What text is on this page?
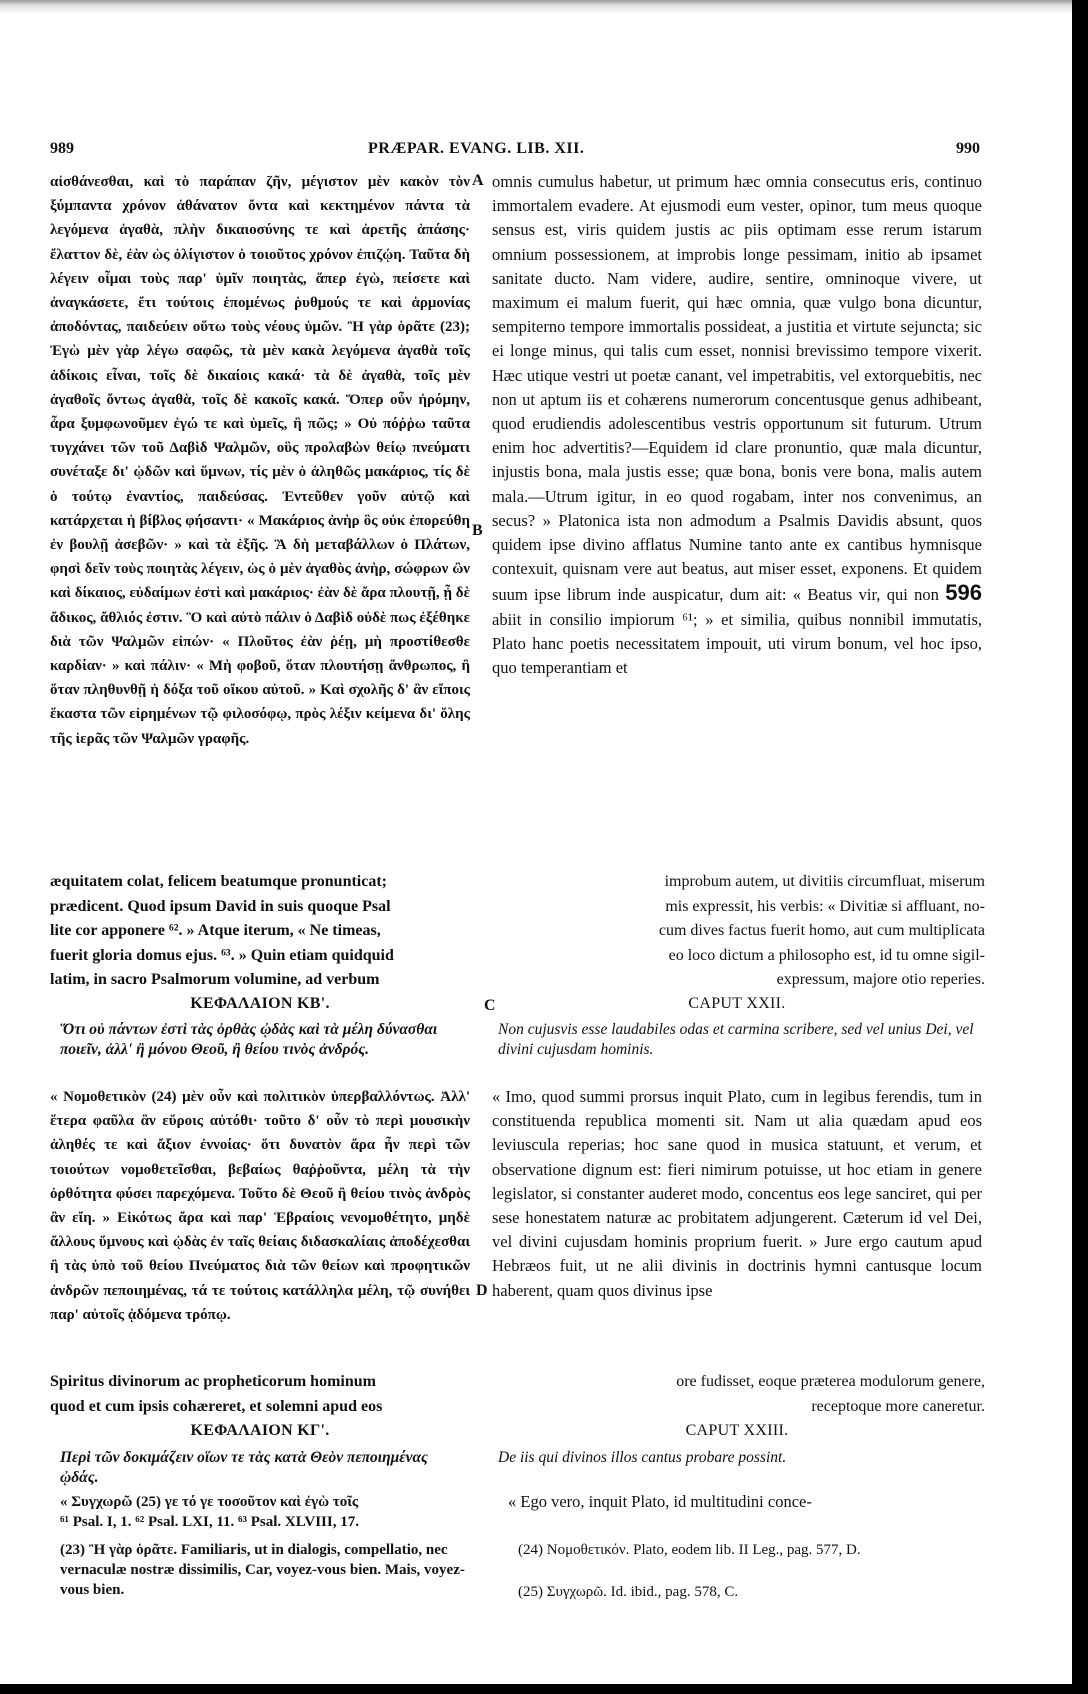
989	PRÆPAR. EVANG. LIB. XII.	990

αἰσθάνεσθαι, καὶ τὸ παράπαν ζῆν, μέγιστον μὲν κακὸν τὸν ξύμπαντα χρόνον ἀθάνατον ὄντα καὶ κεκτημένον πάντα τὰ λεγόμενα ἀγαθὰ, πλὴν δικαιοσύνης τε καὶ ἀρετῆς ἁπάσης· ἔλαττον δὲ, ἐὰν ὡς ὀλίγιστον ὁ τοιοῦτος χρόνον ἐπιζῴη. Ταῦτα δὴ λέγειν οἶμαι τοὺς παρ' ὑμῖν ποιητὰς, ἅπερ ἐγὼ, πείσετε καὶ ἀναγκάσετε, ἔτι τούτοις ἑπομένως ῥυθμούς τε καὶ ἁρμονίας ἀποδόντας, παιδεύειν οὕτω τοὺς νέους ὑμῶν. Ἢ γὰρ ὁρᾶτε (23); Ἐγὼ μὲν γὰρ λέγω σαφῶς, τὰ μὲν κακὰ λεγόμενα ἀγαθὰ τοῖς ἀδίκοις εἶναι, τοῖς δὲ δικαίοις κακά· τὰ δὲ ἀγαθὰ, τοῖς μὲν ἀγαθοῖς ὄντως ἀγαθὰ, τοῖς δὲ κακοῖς κακά. Ὅπερ οὖν ἠρόμην, ἆρα ξυμφωνοῦμεν ἐγώ τε καὶ ὑμεῖς, ἢ πῶς; » Οὐ πόῤῥω ταῦτα τυγχάνει τῶν τοῦ Δαβὶδ Ψαλμῶν, οὓς προλαβὼν θείῳ πνεύματι συνέταξε δι' ᾠδῶν καὶ ὕμνων, τίς μὲν ὁ ἀληθῶς μακάριος, τίς δὲ ὁ τούτῳ ἐναντίος, παιδεύσας. Ἐντεῦθεν γοῦν αὐτῷ καὶ κατάρχεται ἡ βίβλος φήσαντι· « Μακάριος ἀνὴρ ὃς οὐκ ἐπορεύθη ἐν βουλῇ ἀσεβῶν· » καὶ τὰ ἑξῆς. Ἃ δὴ μεταβάλλων ὁ Πλάτων, φησὶ δεῖν τοὺς ποιητὰς λέγειν, ὡς ὁ μὲν ἀγαθὸς ἀνὴρ, σώφρων ὢν καὶ δίκαιος, εὐδαίμων ἐστὶ καὶ μακάριος· ἐὰν δὲ ἄρα πλουτῇ, ᾖ δὲ ἄδικος, ἄθλιός ἐστιν. Ὃ καὶ αὐτὸ πάλιν ὁ Δαβὶδ οὐδὲ πως ἐξέθηκε διὰ τῶν Ψαλμῶν εἰπών· « Πλοῦτος ἐὰν ῥέῃ, μὴ προστίθεσθε καρδίαν· » καὶ πάλιν· « Μὴ φοβοῦ, ὅταν πλουτήσῃ ἄνθρωπος, ἢ ὅταν πληθυνθῇ ἡ δόξα τοῦ οἴκου αὐτοῦ. » Καὶ σχολῆς δ' ἂν εἴποις ἕκαστα τῶν εἰρημένων τῷ φιλοσόφῳ, πρὸς λέξιν κείμενα δι' ὅλης τῆς ἱερᾶς τῶν Ψαλμῶν γραφῆς.

A
B

omnis cumulus habetur, ut primum hæc omnia consecutus eris, continuo immortalem evadere. At ejusmodi eum vester, opinor, tum meus quoque sensus est, viris quidem justis ac piis optimam esse rerum istarum omnium possessionem, at improbis longe pessimam, initio ab ipsamet sanitate ducto. Nam videre, audire, sentire, omninoque vivere, ut maximum ei malum fuerit, qui hæc omnia, quæ vulgo bona dicuntur, sempiterno tempore immortalis possideat, a justitia et virtute sejuncta; sic ei longe minus, qui talis cum esset, nonnisi brevissimo tempore vixerit. Hæc utique vestri ut poetæ canant, vel impetrabitis, vel extorquebitis, nec non ut aptum iis et cohærens numerorum concentusque genus adhibeant, quod erudiendis adolescentibus vestris opportunum sit futurum. Utrum enim hoc advertitis?—Equidem id clare pronuntio, quæ mala dicuntur, injustis bona, mala justis esse; quæ bona, bonis vere bona, malis autem mala.—Utrum igitur, in eo quod rogabam, inter nos convenimus, an secus? » Platonica ista non admodum a Psalmis Davidis absunt, quos quidem ipse divino afflatus Numine tanto ante ex cantibus hymnisque contexuit, quisnam vere aut beatus, aut miser esset, exponens. Et quidem suum ipse librum inde auspicatur, dum ait: « Beatus vir, qui non 596 abiit in consilio impiorum ⁶¹; » et similia, quibus nonnibil immutatis, Plato hanc poetis necessitatem impouit, uti virum bonum, vel hoc ipso, quo temperantiam et

æquitatem colat, felicem beatumque pronunticat;	improbum autem, ut divitiis circumfluat, miserum
prædicent. Quod ipsum David in suis quoque Psal	mis expressit, his verbis: « Divitiæ si affluant, no-
lite cor apponere ⁶². » Atque iterum, « Ne timeas,	cum dives factus fuerit homo, aut cum multiplicata
fuerit gloria domus ejus. ⁶³. » Quin etiam quidquid	eo loco dictum a philosopho est, id tu omne sigil-
latim, in sacro Psalmorum volumine, ad verbum	expressum, majore otio reperies.
ΚΕΦΑΛΑΙΟΝ ΚΒ'.	C	CAPUT XXII.
Ὅτι οὐ πάντων ἐστὶ τὰς ὀρθὰς ᾠδὰς καὶ τὰ μέλη δύνασθαι ποιεῖν, ἀλλ' ἢ μόνου Θεοῦ, ἢ θείου τινὸς ἀνδρός.
Non cujusvis esse laudabiles odas et carmina scribere, sed vel unius Dei, vel divini cujusdam hominis.

« Νομοθετικὸν (24) μὲν οὖν καὶ πολιτικὸν ὑπερβαλλόντως. Ἀλλ' ἕτερα φαῦλα ἂν εὕροις αὐτόθι· τοῦτο δ' οὖν τὸ περὶ μουσικὴν ἀληθές τε καὶ ἄξιον ἐννοίας· ὅτι δυνατὸν ἄρα ἦν περὶ τῶν τοιούτων νομοθετεῖσθαι, βεβαίως θαῤῥοῦντα, μέλη τὰ τὴν ὀρθότητα φύσει παρεχόμενα. Τοῦτο δὲ Θεοῦ ἢ θείου τινὸς ἀνδρὸς ἂν εἴη. » Εἰκότως ἄρα καὶ παρ' Ἑβραίοις νενομοθέτητο, μηδὲ ἄλλους ὕμνους καὶ ᾠδὰς ἐν ταῖς θείαις διδασκαλίαις ἀποδέχεσθαι ἢ τὰς ὑπὸ τοῦ θείου Πνεύματος διὰ τῶν θείων καὶ προφητικῶν ἀνδρῶν πεποιημένας, τά τε τούτοις κατάλληλα μέλη, τῷ συνήθει παρ' αὐτοῖς ᾀδόμενα τρόπῳ.

D

« Imo, quod summi prorsus inquit Plato, cum in legibus ferendis, tum in constituenda republica momenti sit. Nam ut alia quædam apud eos leviuscula reperias; hoc sane quod in musica statuunt, et verum, et observatione dignum est: fieri nimirum potuisse, ut hoc etiam in genere legislator, si constanter auderet modo, concentus eos lege sanciret, qui per sese honestatem naturæ ac probitatem adjungerent. Cæterum id vel Dei, vel divini cujusdam hominis proprium fuerit. » Jure ergo cautum apud Hebræos fuit, ut ne alii divinis in doctrinis hymni cantusque locum haberent, quam quos divinus ipse

Spiritus divinorum ac propheticorum hominum	ore fudisset, eoque præterea modulorum genere,
quod et cum ipsis cohæreret, et solemni apud eos	receptoque more caneretur.
ΚΕΦΑΛΑΙΟΝ ΚΓ'.	CAPUT XXIII.
Περὶ τῶν δοκιμάζειν οἵων τε τὰς κατὰ Θεὸν πεποιημένας ᾠδάς.
De iis qui divinos illos cantus probare possint.

« Συγχωρῶ (25) γε τό γε τοσοῦτον καὶ ἐγὼ τοῖς	« Ego vero, inquit Plato, id multitudini conce-

⁶¹ Psal. I, 1. ⁶² Psal. LXI, 11. ⁶³ Psal. XLVIII, 17.
(23) Ἢ γὰρ ὁρᾶτε. Familiaris, ut in dialogis, compellatio, nec vernaculæ nostræ dissimilis, Car, voyez-vous bien. Mais, voyez-vous bien.
(24) Νομοθετικόν. Plato, eodem lib. II Leg., pag. 577, D.
(25) Συγχωρῶ. Id. ibid., pag. 578, C.
